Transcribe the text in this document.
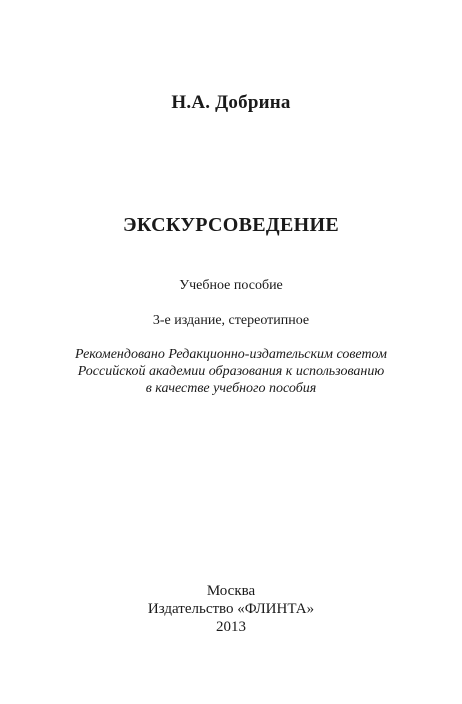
Н.А. Добрина

ЭКСКУРСОВЕДЕНИЕ

Учебное пособие

3-е издание, стереотипное

Рекомендовано Редакционно-издательским советом
Российской академии образования к использованию
в качестве учебного пособия
Москва
Издательство «ФЛИНТА»
2013
